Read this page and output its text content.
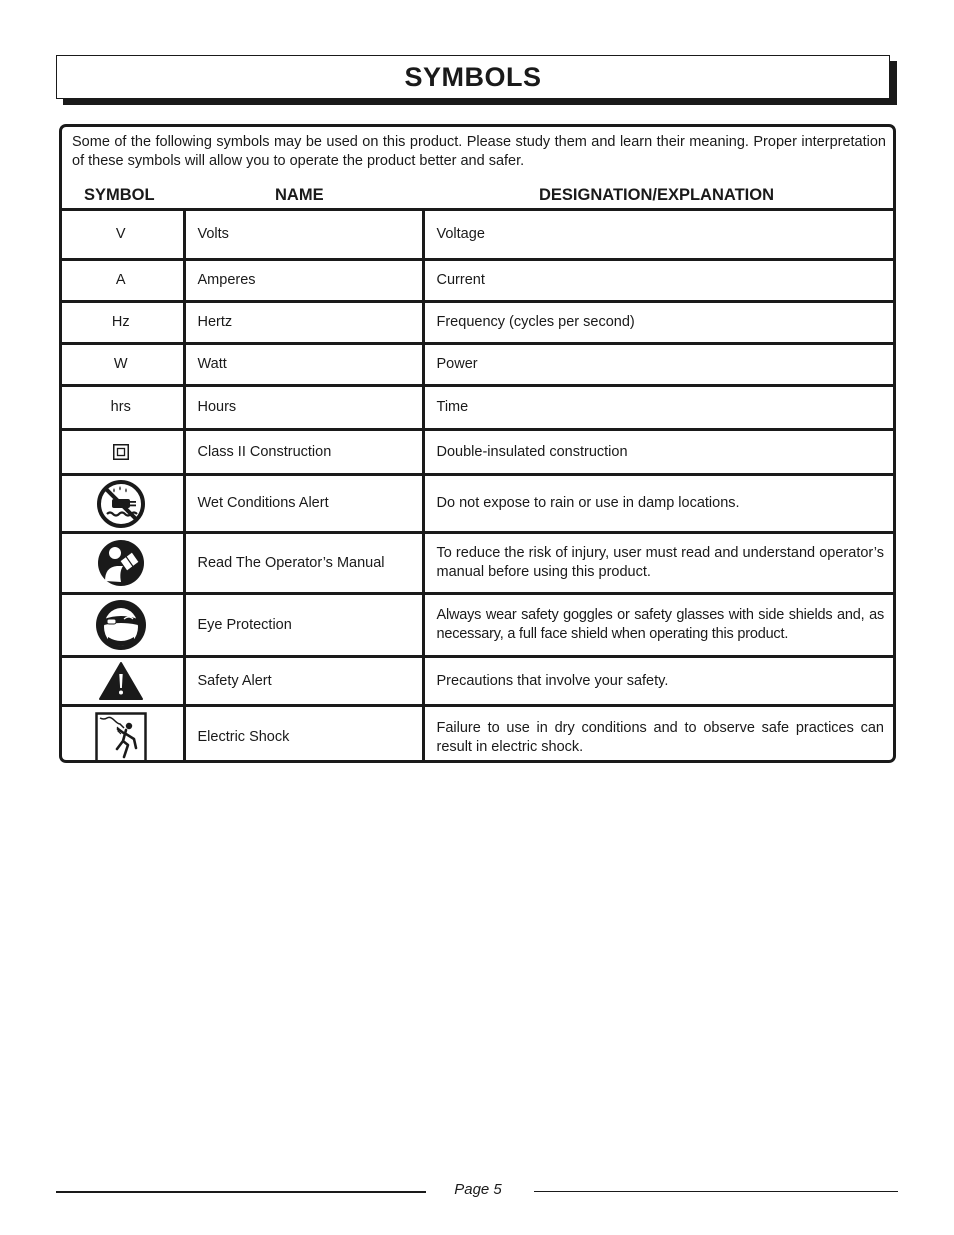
SYMBOLS
Some of the following symbols may be used on this product. Please study them and learn their meaning. Proper interpretation of these symbols will allow you to operate the product better and safer.
SYMBOL	NAME	DESIGNATION/EXPLANATION
V	Volts	Voltage
A	Amperes	Current
Hz	Hertz	Frequency (cycles per second)
W	Watt	Power
hrs	Hours	Time
	Class II Construction	Double-insulated construction
	Wet Conditions Alert	Do not expose to rain or use in damp locations.
	Read The Operator’s Manual	To reduce the risk of injury, user must read and understand operator’s manual before using this product.
	Eye Protection	Always wear safety goggles or safety glasses with side shields and, as necessary, a full face shield when operating this product.
	Safety Alert	Precautions that involve your safety.
	Electric Shock	Failure to use in dry conditions and to observe safe practices can result in electric shock.
Page 5
